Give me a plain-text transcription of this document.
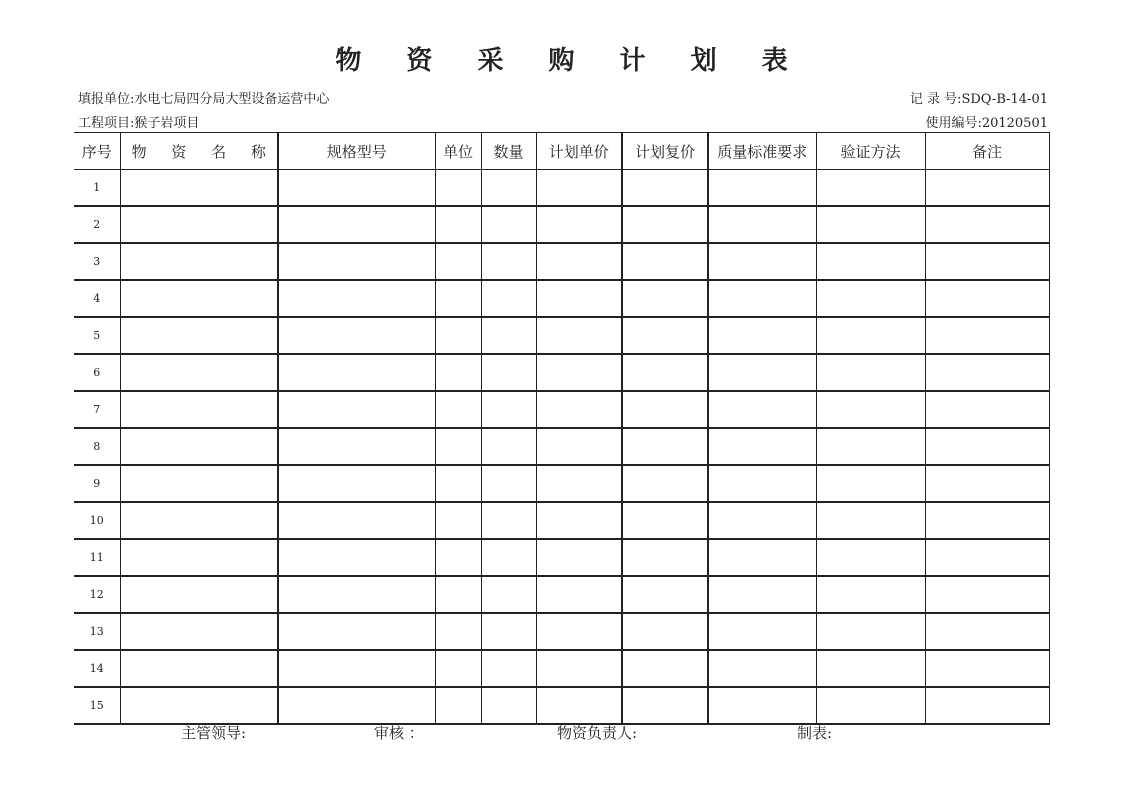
物 资 采 购 计 划 表
填报单位:水电七局四分局大型设备运营中心
工程项目:猴子岩项目
记 录 号:SDQ-B-14-01
使用编号:20120501
序号	物 资 名 称	规格型号	单位	数量	计划单价	计划复价	质量标准要求	验证方法	备注
1									
2									
3									
4									
5									
6									
7									
8									
9									
10									
11									
12									
13									
14									
15									
主管领导:	审核 ：	物资负责人:	制表:
